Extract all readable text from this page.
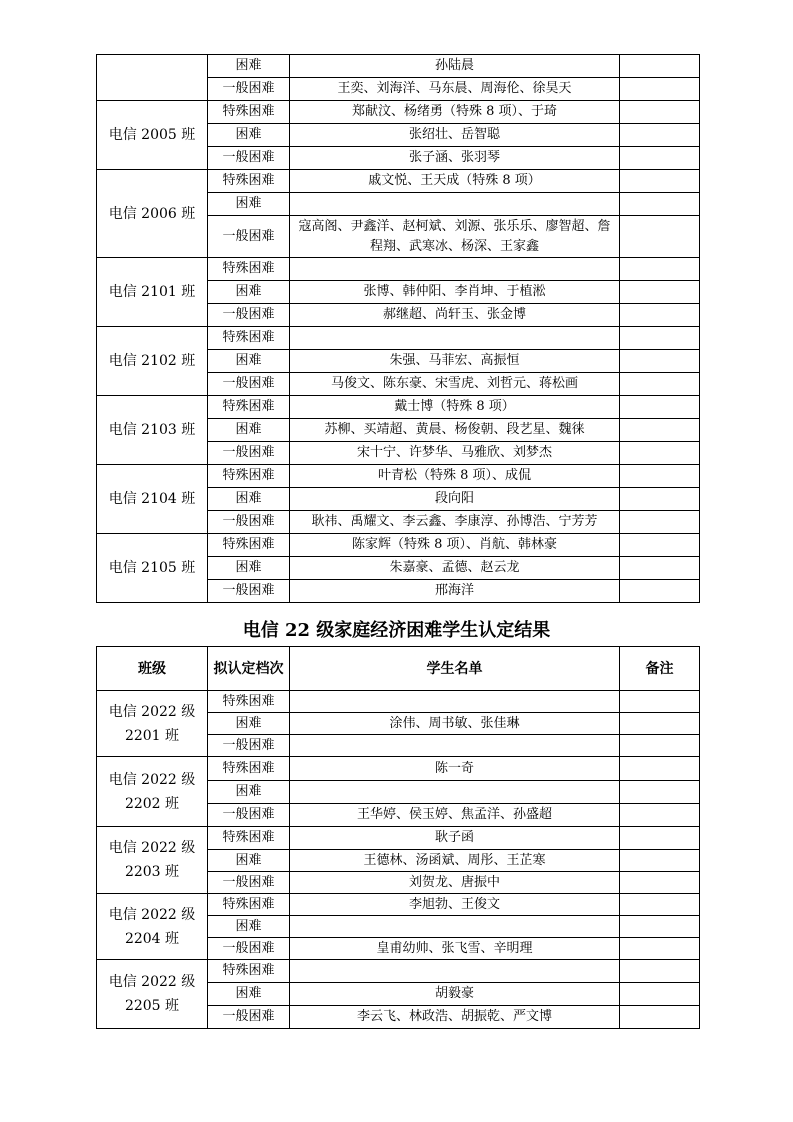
	困难	孙陆晨	
	一般困难	王奕、刘海洋、马东晨、周海伦、徐昊天	
电信 2005 班	特殊困难	郑献汶、杨绪勇（特殊 8 项）、于琦	
	困难	张绍壮、岳智聪	
	一般困难	张子涵、张羽琴	
电信 2006 班	特殊困难	戚文悦、王天成（特殊 8 项）	
	困难		
	一般困难	寇高阁、尹鑫洋、赵柯斌、刘源、张乐乐、廖智超、詹程翔、武寒冰、杨深、王家鑫	
电信 2101 班	特殊困难		
	困难	张博、韩仲阳、李肖坤、于植淞	
	一般困难	郝继超、尚轩玉、张金博	
电信 2102 班	特殊困难		
	困难	朱强、马菲宏、高振恒	
	一般困难	马俊文、陈东豪、宋雪虎、刘哲元、蒋松画	
电信 2103 班	特殊困难	戴士博（特殊 8 项）	
	困难	苏柳、买靖超、黄晨、杨俊朝、段艺星、魏徕	
	一般困难	宋十宁、许梦华、马雅欣、刘梦杰	
电信 2104 班	特殊困难	叶青松（特殊 8 项）、成侃	
	困难	段向阳	
	一般困难	耿祎、禹耀文、李云鑫、李康淳、孙博浩、宁芳芳	
电信 2105 班	特殊困难	陈家辉（特殊 8 项）、肖航、韩林豪	
	困难	朱嘉豪、孟德、赵云龙	
	一般困难	邢海洋	
电信 22 级家庭经济困难学生认定结果
班级	拟认定档次	学生名单	备注
电信 2022 级 2201 班	特殊困难		
	困难	涂伟、周书敏、张佳琳	
	一般困难		
电信 2022 级 2202 班	特殊困难	陈一奇	
	困难		
	一般困难	王华婷、侯玉婷、焦孟洋、孙盛超	
电信 2022 级 2203 班	特殊困难	耿子函	
	困难	王德林、汤函斌、周彤、王芷寒	
	一般困难	刘贺龙、唐振中	
电信 2022 级 2204 班	特殊困难	李旭勃、王俊文	
	困难		
	一般困难	皇甫幼帅、张飞雪、辛明理	
电信 2022 级 2205 班	特殊困难		
	困难	胡毅豪	
	一般困难	李云飞、林政浩、胡振乾、严文博	
